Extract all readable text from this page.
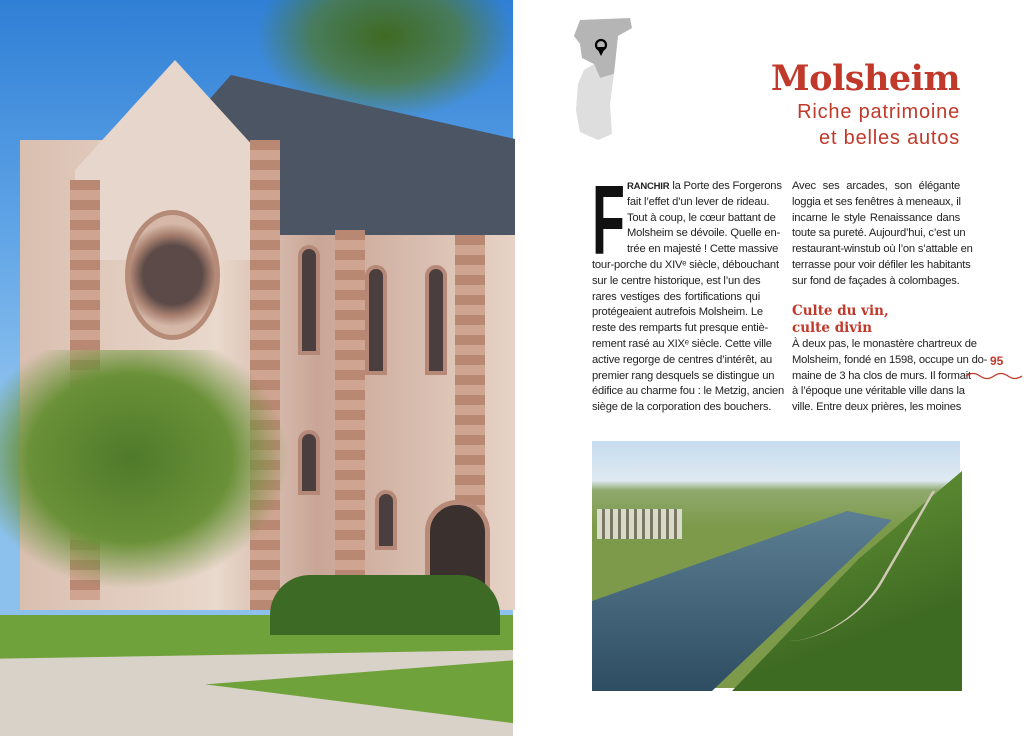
Molsheim
Riche patrimoine
et belles autos
F RANCHIR la Porte des Forgerons
fait l’effet d’un lever de rideau.
Tout à coup, le cœur battant de
Molsheim se dévoile. Quelle en-
trée en majesté ! Cette massive
tour-porche du XIVᵉ siècle, débouchant
sur le centre historique, est l’un des
rares vestiges des fortifications qui
protégeaient autrefois Molsheim. Le
reste des remparts fut presque entiè-
rement rasé au XIXᵉ siècle. Cette ville
active regorge de centres d’intérêt, au
premier rang desquels se distingue un
édifice au charme fou : le Metzig, ancien
siège de la corporation des bouchers.
Avec ses arcades, son élégante
loggia et ses fenêtres à meneaux, il
incarne le style Renaissance dans
toute sa pureté. Aujourd’hui, c’est un
restaurant-winstub où l’on s’attable en
terrasse pour voir défiler les habitants
sur fond de façades à colombages.
Culte du vin,
culte divin
À deux pas, le monastère chartreux de
Molsheim, fondé en 1598, occupe un do-
maine de 3 ha clos de murs. Il formait
à l’époque une véritable ville dans la
ville. Entre deux prières, les moines
95
